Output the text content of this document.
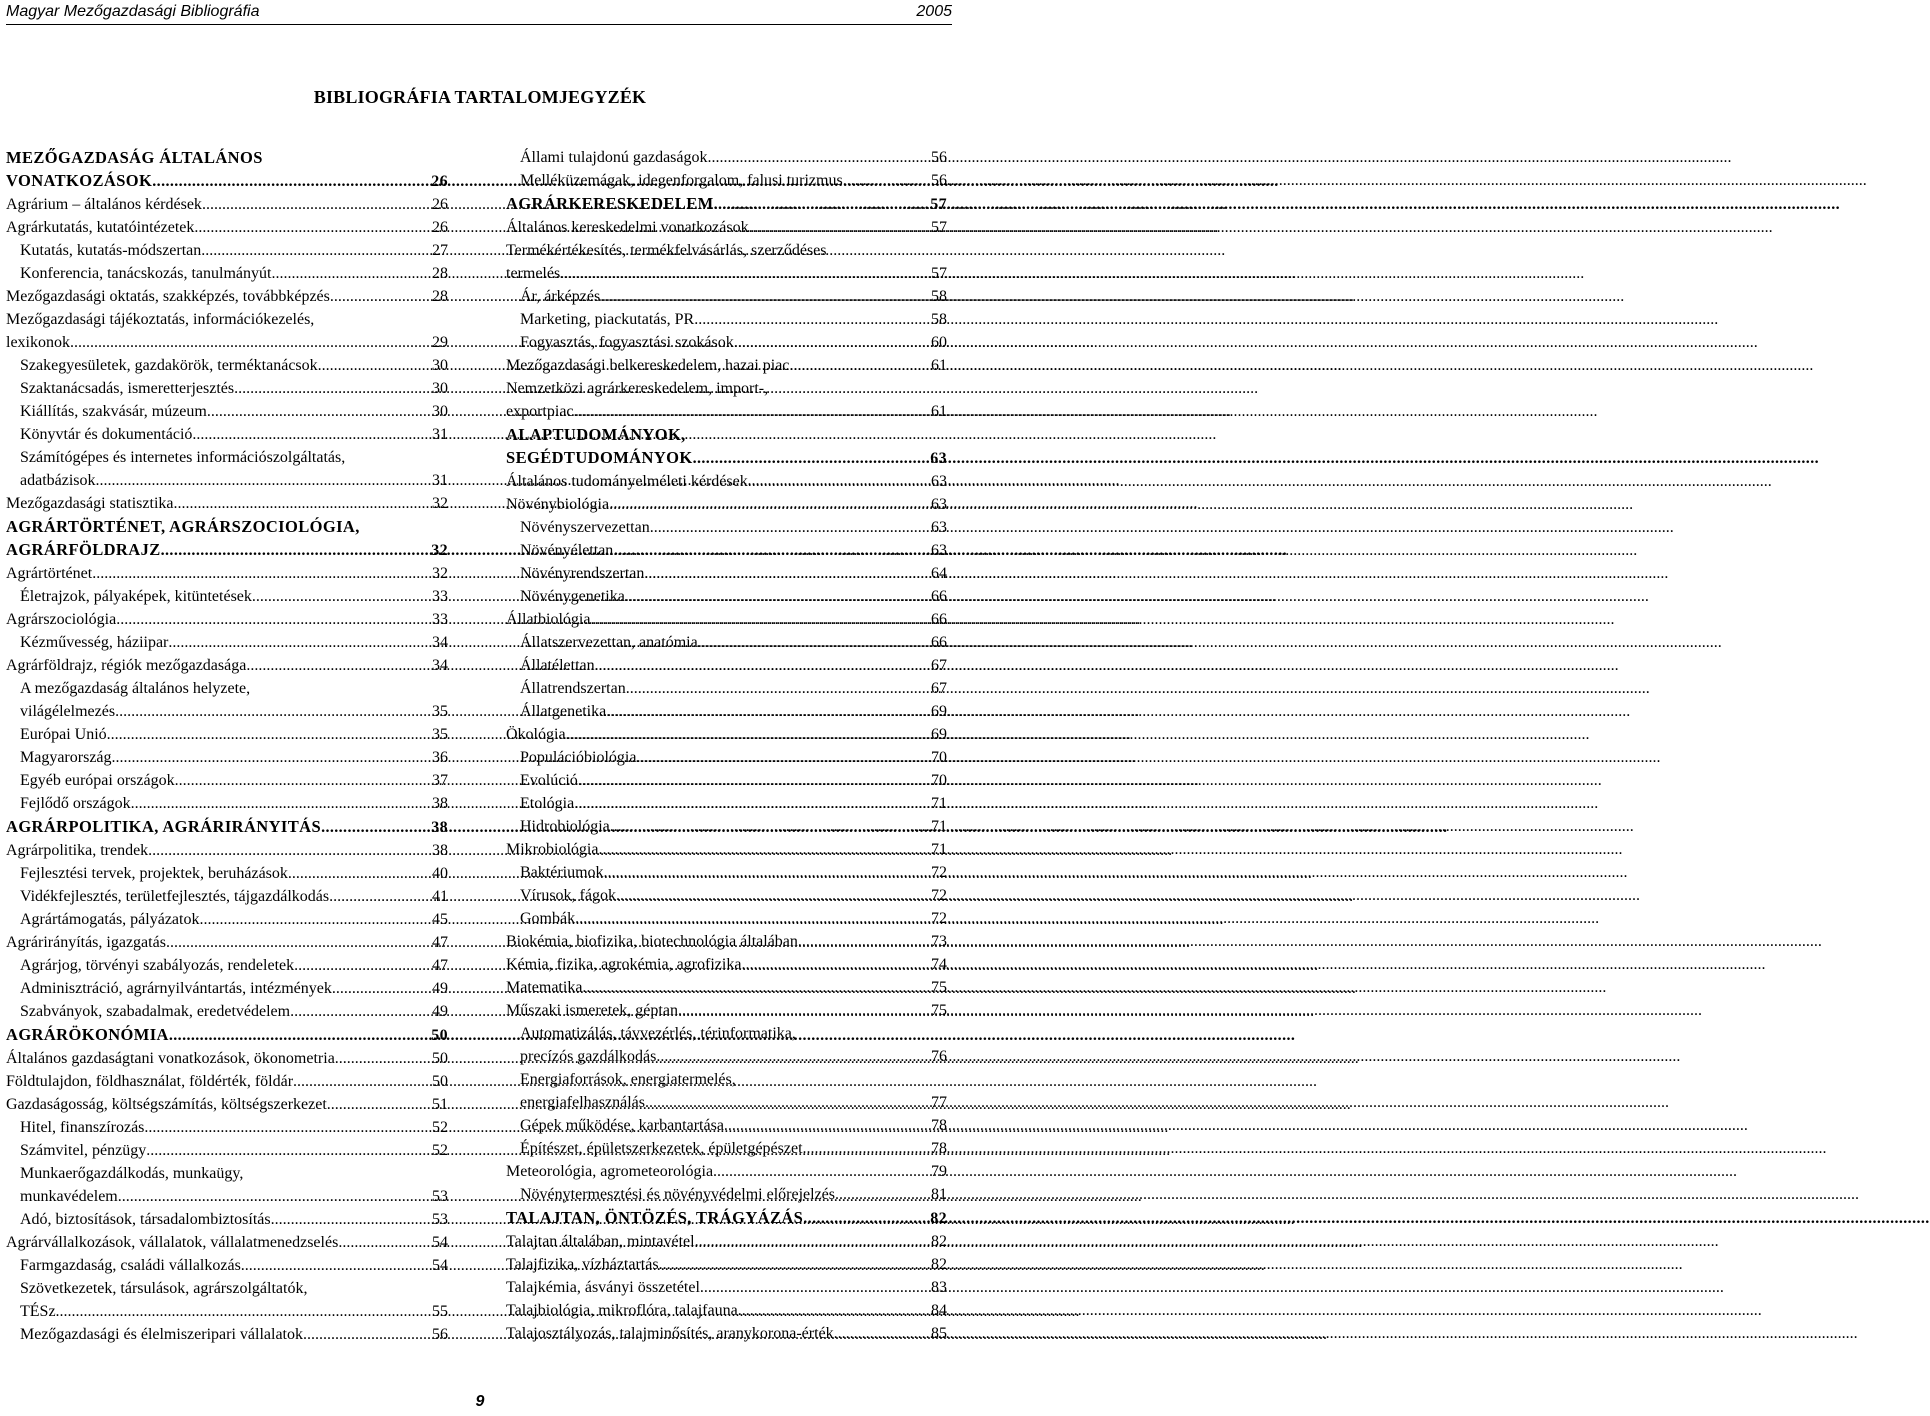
Magyar Mezőgazdasági Bibliográfia	2005
BIBLIOGRÁFIA TARTALOMJEGYZÉK
MEZŐGAZDASÁG ÁLTALÁNOS
VONATKOZÁSOK .....	26
Agrárium – általános kérdések .....	26
Agrárkutatás, kutatóintézetek .....	26
Kutatás, kutatás-módszertan .....	27
Konferencia, tanácskozás, tanulmányút .....	28
Mezőgazdasági oktatás, szakképzés, továbbképzés .....	28
Mezőgazdasági tájékoztatás, információkezelés,
lexikonok .....	29
Szakegyesületek, gazdakörök, terméktanácsok .....	30
Szaktanácsadás, ismeretterjesztés .....	30
Kiállítás, szakvásár, múzeum .....	30
Könyvtár és dokumentáció .....	31
Számítógépes és internetes információszolgáltatás,
adatbázisok .....	31
Mezőgazdasági statisztika .....	32
AGRÁRTÖRTÉNET, AGRÁRSZOCIOLÓGIA,
AGRÁRFÖLDRAJZ .....	32
Agrártörténet .....	32
Életrajzok, pályaképek, kitüntetések .....	33
Agrárszociológia .....	33
Kézművesség, háziipar .....	34
Agrárföldrajz, régiók mezőgazdasága .....	34
A mezőgazdaság általános helyzete,
világélelmezés .....	35
Európai Unió .....	35
Magyarország .....	36
Egyéb európai országok .....	37
Fejlődő országok .....	38
AGRÁRPOLITIKA, AGRÁRIRÁNYITÁS .....	38
Agrárpolitika, trendek .....	38
Fejlesztési tervek, projektek, beruházások .....	40
Vidékfejlesztés, területfejlesztés, tájgazdálkodás .....	41
Agrártámogatás, pályázatok .....	45
Agrárirányítás, igazgatás .....	47
Agrárjog, törvényi szabályozás, rendeletek .....	47
Adminisztráció, agrárnyilvántartás, intézmények .....	49
Szabványok, szabadalmak, eredetvédelem .....	49
AGRÁRÖKONÓMIA .....	50
Általános gazdaságtani vonatkozások, ökonometria .....	50
Földtulajdon, földhasználat, földérték, földár .....	50
Gazdaságosság, költségszámítás, költségszerkezet .....	51
Hitel, finanszírozás .....	52
Számvitel, pénzügy .....	52
Munkaerőgazdálkodás, munkaügy,
munkavédelem .....	53
Adó, biztosítások, társadalombiztosítás .....	53
Agrárvállalkozások, vállalatok, vállalatmenedzselés .....	54
Farmgazdaság, családi vállalkozás .....	54
Szövetkezetek, társulások, agrárszolgáltatók,
TÉSz .....	55
Mezőgazdasági és élelmiszeripari vállalatok .....	56
Állami tulajdonú gazdaságok .....	56
Melléküzemágak, idegenforgalom, falusi turizmus .....	56
AGRÁRKERESKEDELEM .....	57
Általános kereskedelmi vonatkozások .....	57
Termékértékesítés, termékfelvásárlás, szerződéses
termelés .....	57
Ár, árképzés .....	58
Marketing, piackutatás, PR .....	58
Fogyasztás, fogyasztási szokások .....	60
Mezőgazdasági belkereskedelem, hazai piac .....	61
Nemzetközi agrárkereskedelem, import-,
exportpiac .....	61
ALAPTUDOMÁNYOK,
SEGÉDTUDOMÁNYOK .....	63
Általános tudományelméleti kérdések .....	63
Növénybiológia .....	63
Növényszervezettan .....	63
Növényélettan .....	63
Növényrendszertan .....	64
Növénygenetika .....	66
Állatbiológia .....	66
Állatszervezettan, anatómia .....	66
Állatélettan .....	67
Állatrendszertan .....	67
Állatgenetika .....	69
Ökológia .....	69
Populációbiológia .....	70
Evolúció .....	70
Etológia .....	71
Hidrobiológia .....	71
Mikrobiológia .....	71
Baktériumok .....	72
Vírusok, fágok .....	72
Gombák .....	72
Biokémia, biofizika, biotechnológia általában .....	73
Kémia, fizika, agrokémia, agrofizika .....	74
Matematika .....	75
Műszaki ismeretek, géptan .....	75
Automatizálás, távvezérlés, térinformatika,
precízós gazdálkodás .....	76
Energiaforrások, energiatermelés,
energiafelhasználás .....	77
Gépek működése, karbantartása .....	78
Építészet, épületszerkezetek, épületgépészet .....	78
Meteorológia, agrometeorológia .....	79
Növénytermesztési és növényvédelmi előrejelzés .....	81
TALAJTAN, ÖNTÖZÉS, TRÁGYÁZÁS .....	82
Talajtan általában, mintavétel .....	82
Talajfizika, vízháztartás .....	82
Talajkémia, ásványi összetétel .....	83
Talajbiológia, mikroflóra, talajfauna .....	84
Talajosztályozás, talajminősítés, aranykorona-érték .....	85
9
